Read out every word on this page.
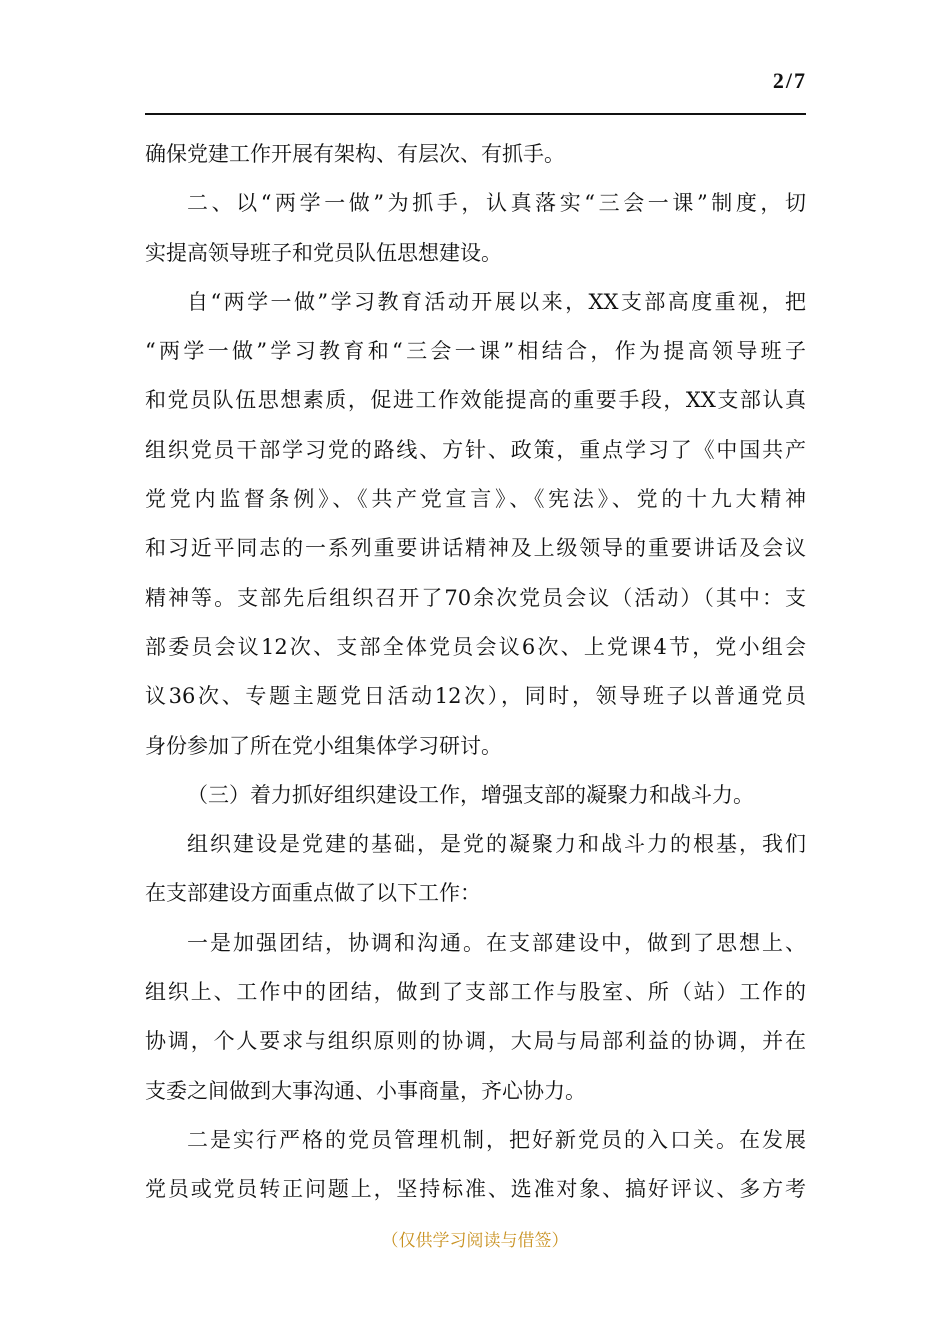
2/7
确保党建工作开展有架构、有层次、有抓手。
二、以“两学一做”为抓手，认真落实“三会一课”制度，切
实提高领导班子和党员队伍思想建设。
自“两学一做”学习教育活动开展以来，XX支部高度重视，把
“两学一做”学习教育和“三会一课”相结合，作为提高领导班子
和党员队伍思想素质，促进工作效能提高的重要手段，XX支部认真
组织党员干部学习党的路线、方针、政策，重点学习了《中国共产
党党内监督条例》、《共产党宣言》、《宪法》、党的十九大精神
和习近平同志的一系列重要讲话精神及上级领导的重要讲话及会议
精神等。支部先后组织召开了70余次党员会议（活动）（其中：支
部委员会议12次、支部全体党员会议6次、上党课4节，党小组会
议36次、专题主题党日活动12次），同时，领导班子以普通党员
身份参加了所在党小组集体学习研讨。
（三）着力抓好组织建设工作，增强支部的凝聚力和战斗力。
组织建设是党建的基础，是党的凝聚力和战斗力的根基，我们
在支部建设方面重点做了以下工作：
一是加强团结，协调和沟通。在支部建设中，做到了思想上、
组织上、工作中的团结，做到了支部工作与股室、所（站）工作的
协调，个人要求与组织原则的协调，大局与局部利益的协调，并在
支委之间做到大事沟通、小事商量，齐心协力。
二是实行严格的党员管理机制，把好新党员的入口关。在发展
党员或党员转正问题上，坚持标准、选准对象、搞好评议、多方考
（仅供学习阅读与借签）
